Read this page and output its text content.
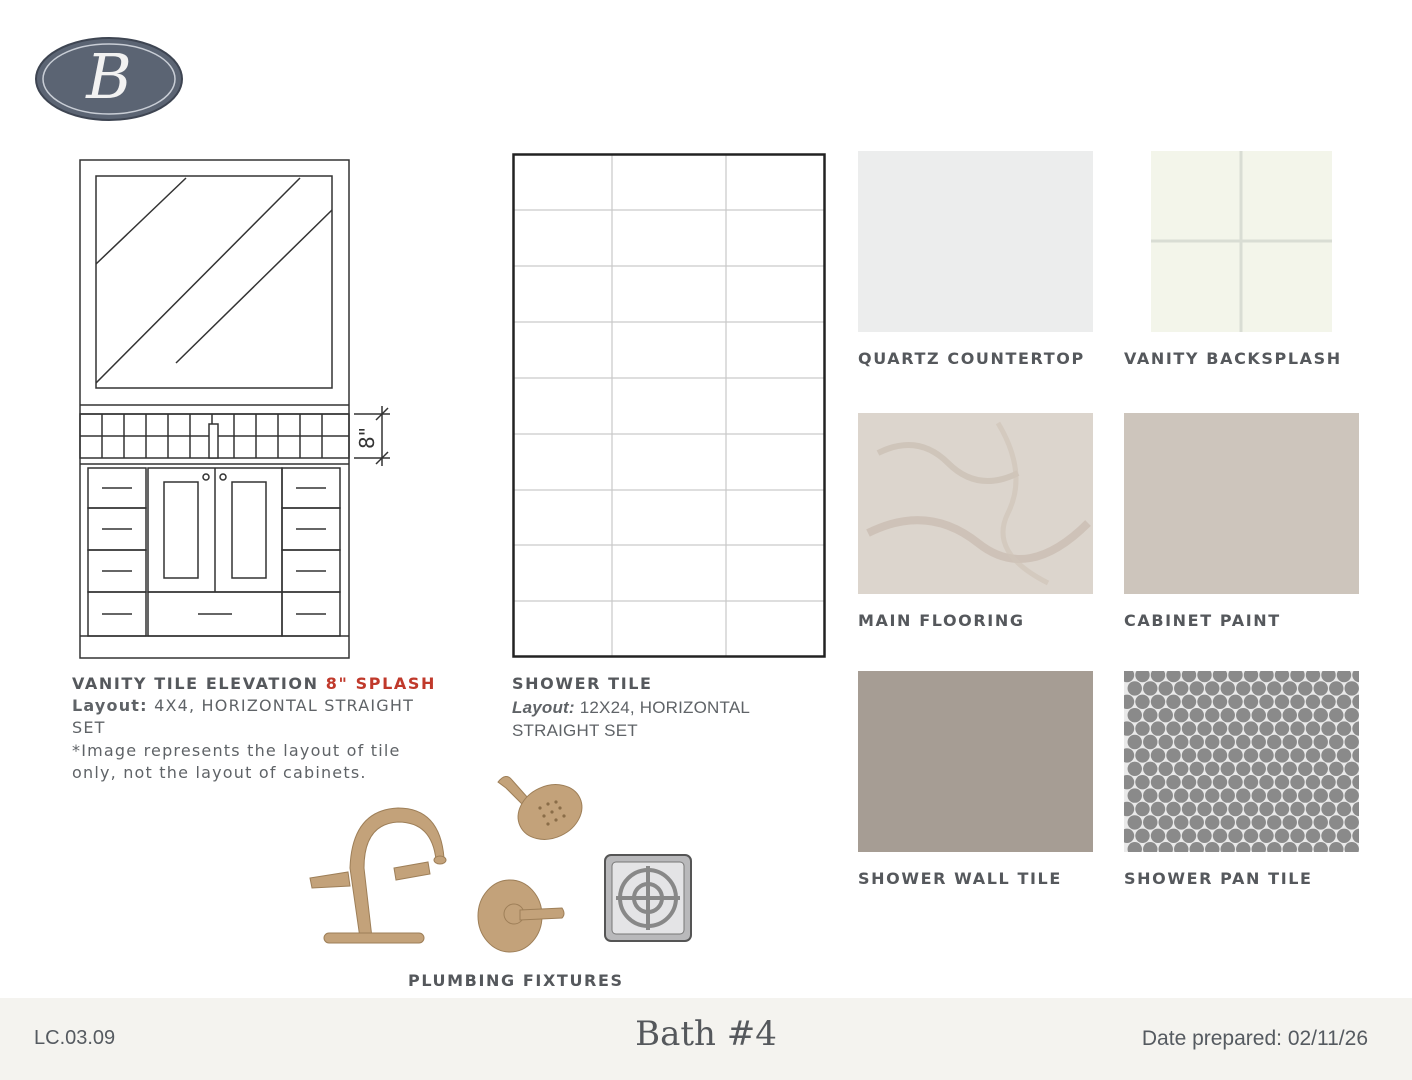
B
8"
VANITY TILE ELEVATION 8" SPLASH
Layout: 4X4, HORIZONTAL STRAIGHT SET
*Image represents the layout of tile only, not the layout of cabinets.
SHOWER TILE
Layout: 12X24, HORIZONTAL STRAIGHT SET
PLUMBING FIXTURES
QUARTZ COUNTERTOP VANITY BACKSPLASH
MAIN FLOORING	CABINET PAINT
SHOWER WALL TILE	SHOWER PAN TILE
LC.03.09	Bath #4	Date prepared: 02/11/26
